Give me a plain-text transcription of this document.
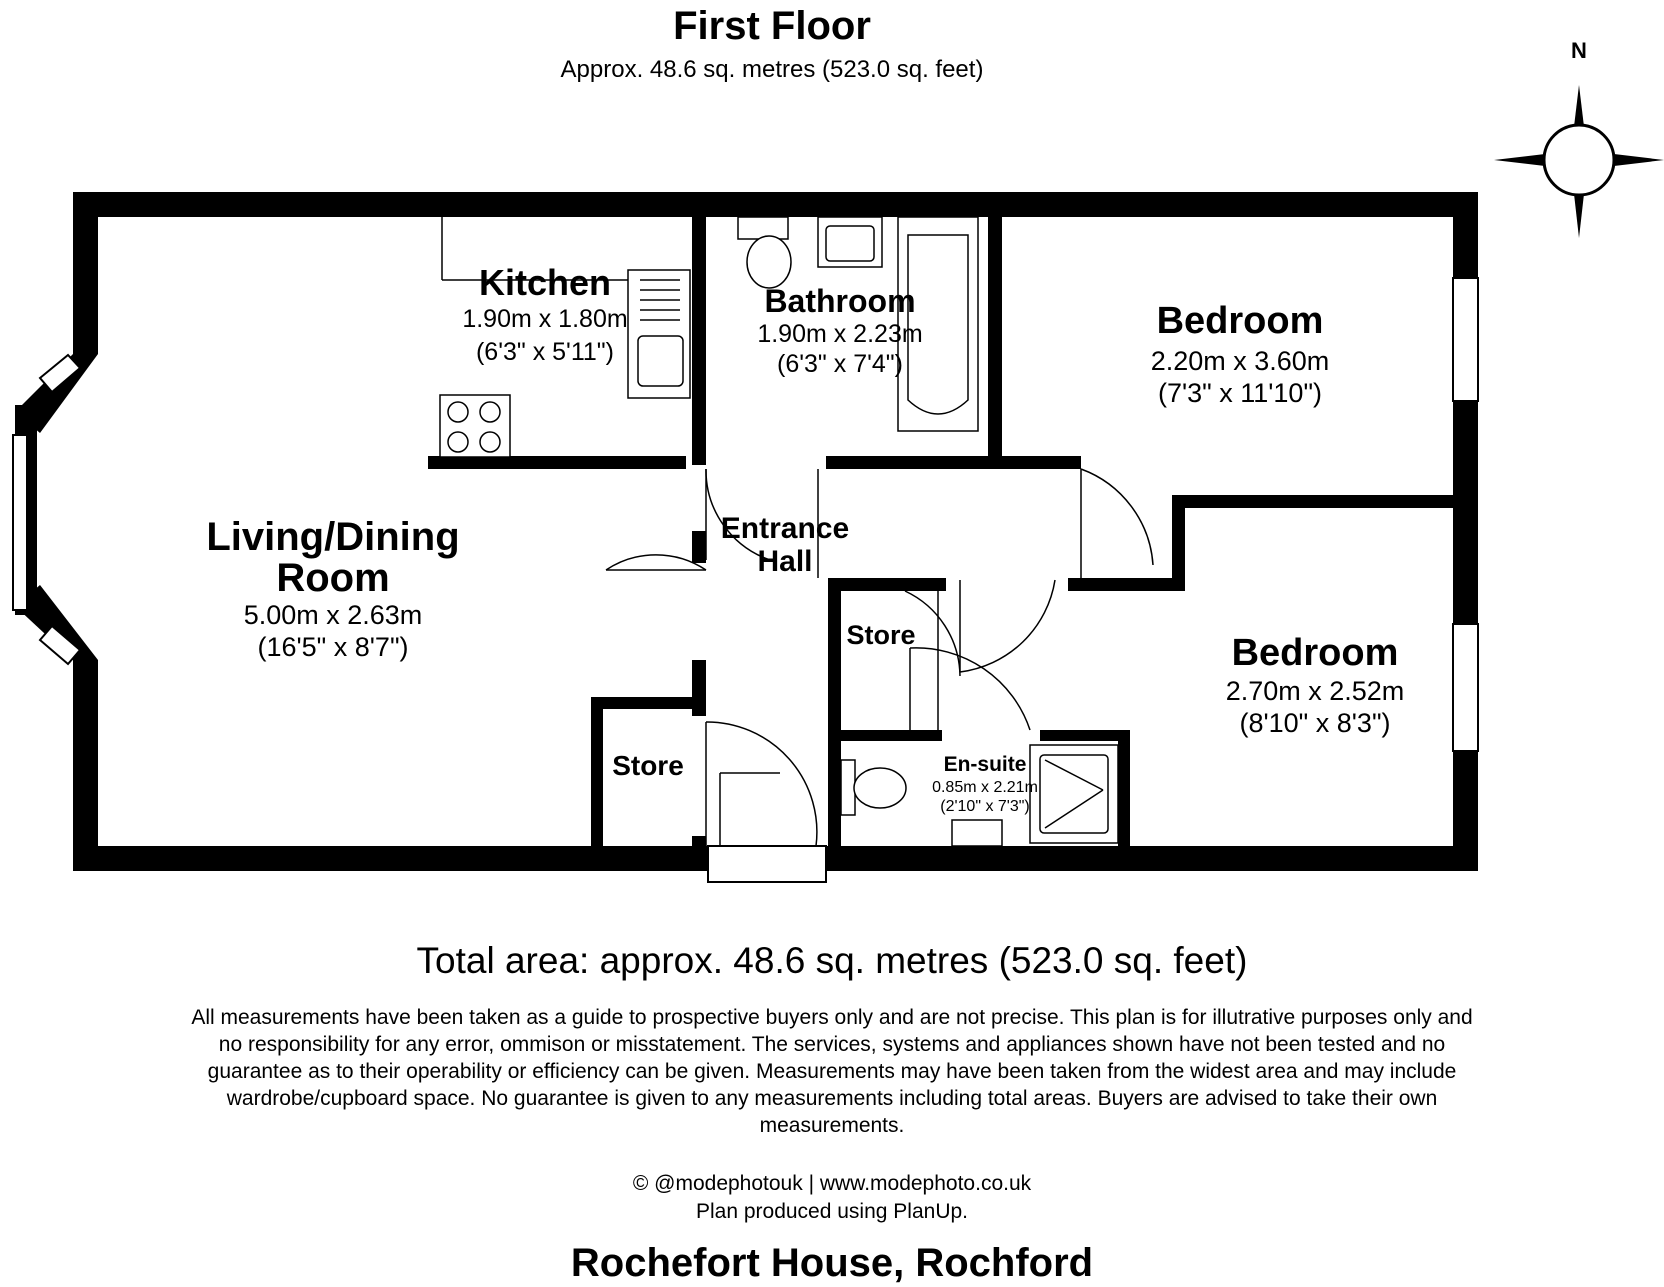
First Floor
Approx. 48.6 sq. metres (523.0 sq. feet)
N
Kitchen
1.90m x 1.80m
(6'3" x 5'11")
Bathroom
1.90m x 2.23m
(6'3" x 7'4")
Bedroom
2.20m x 3.60m
(7'3" x 11'10")
Living/Dining
Room
5.00m x 2.63m
(16'5" x 8'7")
Entrance
Hall
Store
Store
Bedroom
2.70m x 2.52m
(8'10" x 8'3")
En-suite
0.85m x 2.21m
(2'10" x 7'3")
Total area: approx. 48.6 sq. metres (523.0 sq. feet)
All measurements have been taken as a guide to prospective buyers only and are not precise. This plan is for illutrative purposes only and no responsibility for any error, ommison or misstatement. The services, systems and appliances shown have not been tested and no guarantee as to their operability or efficiency can be given. Measurements may have been taken from the widest area and may include wardrobe/cupboard space. No guarantee is given to any measurements including total areas. Buyers are advised to take their own measurements.
© @modephotouk | www.modephoto.co.uk
Plan produced using PlanUp.
Rochefort House, Rochford
